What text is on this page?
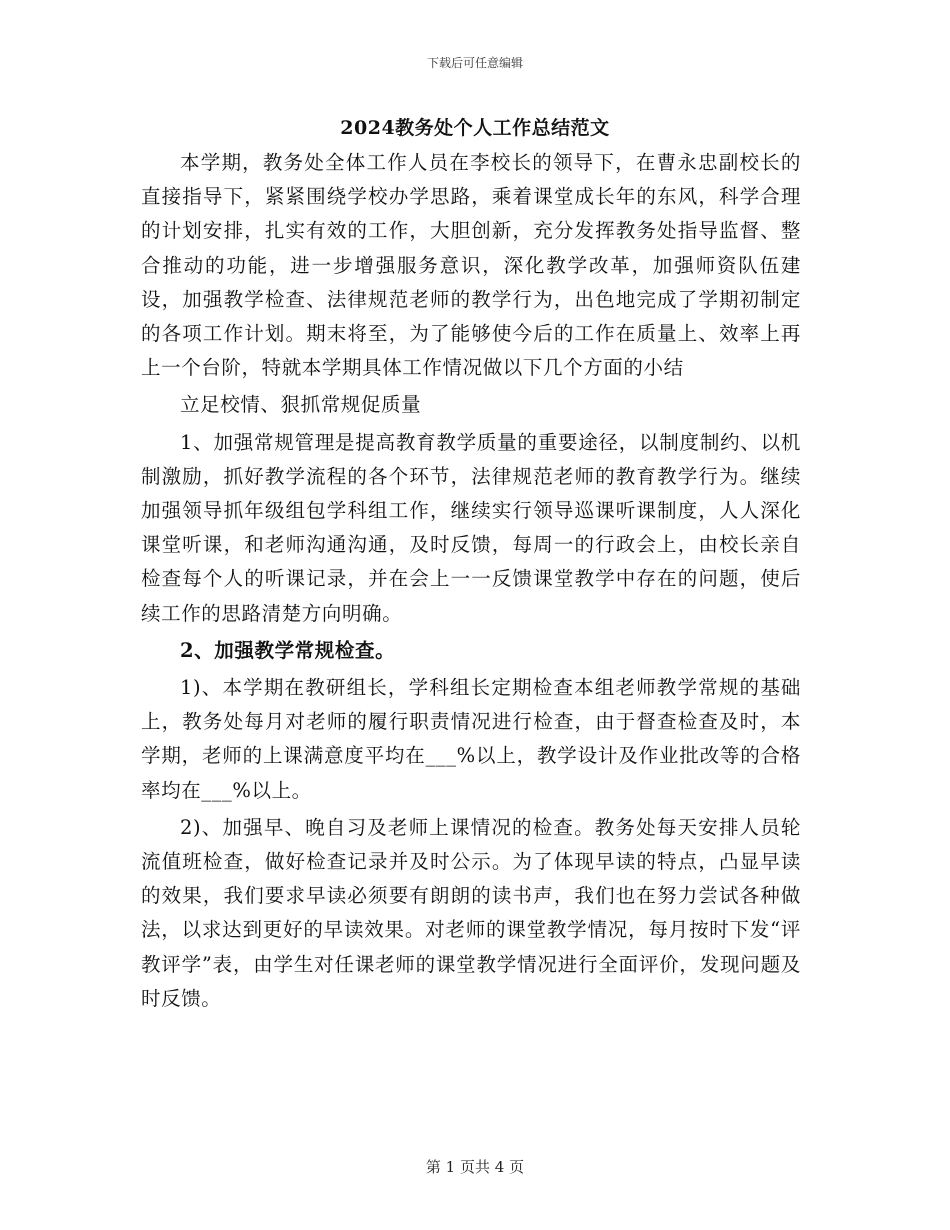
下载后可任意编辑
2024教务处个人工作总结范文

本学期，教务处全体工作人员在李校长的领导下，在曹永忠副校长的直接指导下，紧紧围绕学校办学思路，乘着课堂成长年的东风，科学合理的计划安排，扎实有效的工作，大胆创新，充分发挥教务处指导监督、整合推动的功能，进一步增强服务意识，深化教学改革，加强师资队伍建设，加强教学检查、法律规范老师的教学行为，出色地完成了学期初制定的各项工作计划。期末将至，为了能够使今后的工作在质量上、效率上再上一个台阶，特就本学期具体工作情况做以下几个方面的小结

立足校情、狠抓常规促质量

1、加强常规管理是提高教育教学质量的重要途径，以制度制约、以机制激励，抓好教学流程的各个环节，法律规范老师的教育教学行为。继续加强领导抓年级组包学科组工作，继续实行领导巡课听课制度，人人深化课堂听课，和老师沟通沟通，及时反馈，每周一的行政会上，由校长亲自检查每个人的听课记录，并在会上一一反馈课堂教学中存在的问题，使后续工作的思路清楚方向明确。

2、加强教学常规检查。

1)、本学期在教研组长，学科组长定期检查本组老师教学常规的基础上，教务处每月对老师的履行职责情况进行检查，由于督查检查及时，本学期，老师的上课满意度平均在___%以上，教学设计及作业批改等的合格率均在___%以上。

2)、加强早、晚自习及老师上课情况的检查。教务处每天安排人员轮流值班检查，做好检查记录并及时公示。为了体现早读的特点，凸显早读的效果，我们要求早读必须要有朗朗的读书声，我们也在努力尝试各种做法，以求达到更好的早读效果。对老师的课堂教学情况，每月按时下发“评教评学”表，由学生对任课老师的课堂教学情况进行全面评价，发现问题及时反馈。

第 1 页共 4 页
